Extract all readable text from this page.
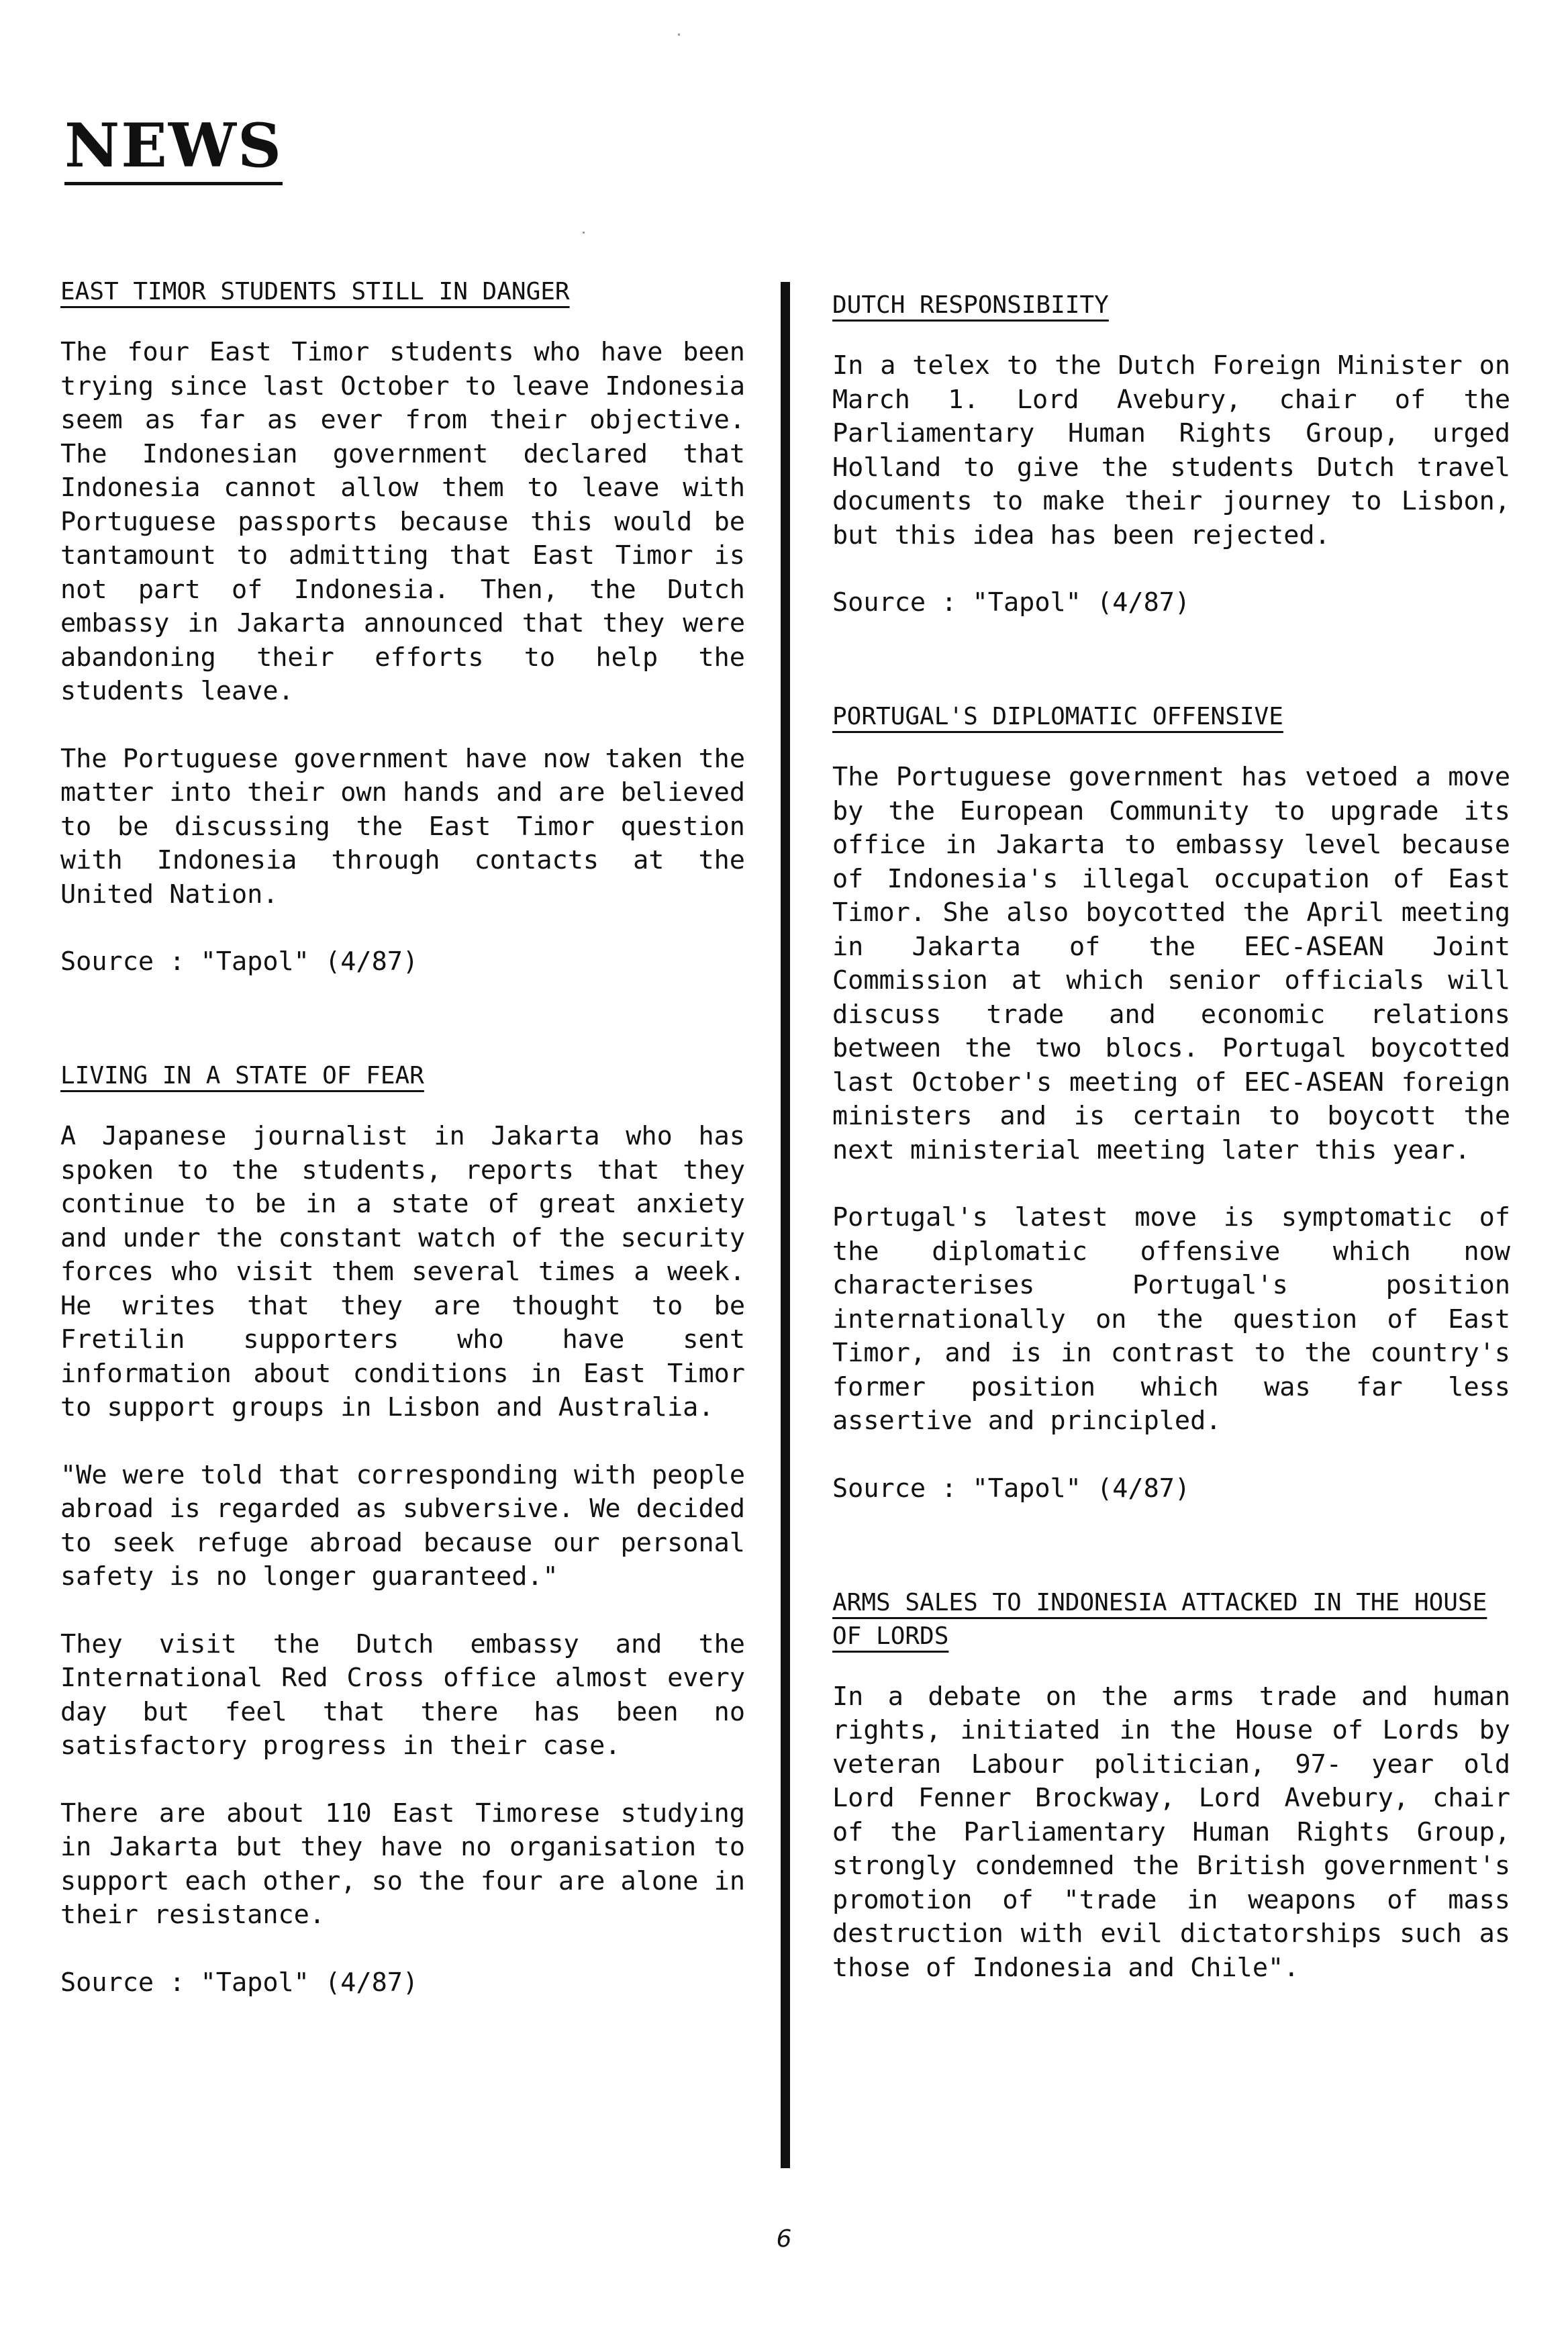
NEWS
EAST TIMOR STUDENTS STILL IN DANGER

The four East Timor students who have been trying since last October to leave Indonesia seem as far as ever from their objective. The Indonesian government declared that Indonesia cannot allow them to leave with Portuguese passports because this would be tantamount to admitting that East Timor is not part of Indonesia. Then, the Dutch embassy in Jakarta announced that they were abandoning their efforts to help the students leave.

The Portuguese government have now taken the matter into their own hands and are believed to be discussing the East Timor question with Indonesia through contacts at the United Nation.

Source : "Tapol" (4/87)

LIVING IN A STATE OF FEAR

A Japanese journalist in Jakarta who has spoken to the students, reports that they continue to be in a state of great anxiety and under the constant watch of the security forces who visit them several times a week. He writes that they are thought to be Fretilin supporters who have sent information about conditions in East Timor to support groups in Lisbon and Australia.

"We were told that corresponding with people abroad is regarded as subversive. We decided to seek refuge abroad because our personal safety is no longer guaranteed."

They visit the Dutch embassy and the International Red Cross office almost every day but feel that there has been no satisfactory progress in their case.

There are about 110 East Timorese studying in Jakarta but they have no organisation to support each other, so the four are alone in their resistance.

Source : "Tapol" (4/87)

DUTCH RESPONSIBIITY

In a telex to the Dutch Foreign Minister on March 1. Lord Avebury, chair of the Parliamentary Human Rights Group, urged Holland to give the students Dutch travel documents to make their journey to Lisbon, but this idea has been rejected.

Source : "Tapol" (4/87)

PORTUGAL'S DIPLOMATIC OFFENSIVE

The Portuguese government has vetoed a move by the European Community to upgrade its office in Jakarta to embassy level because of Indonesia's illegal occupation of East Timor. She also boycotted the April meeting in Jakarta of the EEC-ASEAN Joint Commission at which senior officials will discuss trade and economic relations between the two blocs. Portugal boycotted last October's meeting of EEC-ASEAN foreign ministers and is certain to boycott the next ministerial meeting later this year.

Portugal's latest move is symptomatic of the diplomatic offensive which now characterises Portugal's position internationally on the question of East Timor, and is in contrast to the country's former position which was far less assertive and principled.

Source : "Tapol" (4/87)

ARMS SALES TO INDONESIA ATTACKED IN THE HOUSE OF LORDS

In a debate on the arms trade and human rights, initiated in the House of Lords by veteran Labour politician, 97- year old Lord Fenner Brockway, Lord Avebury, chair of the Parliamentary Human Rights Group, strongly condemned the British government's promotion of "trade in weapons of mass destruction with evil dictatorships such as those of Indonesia and Chile".

6
